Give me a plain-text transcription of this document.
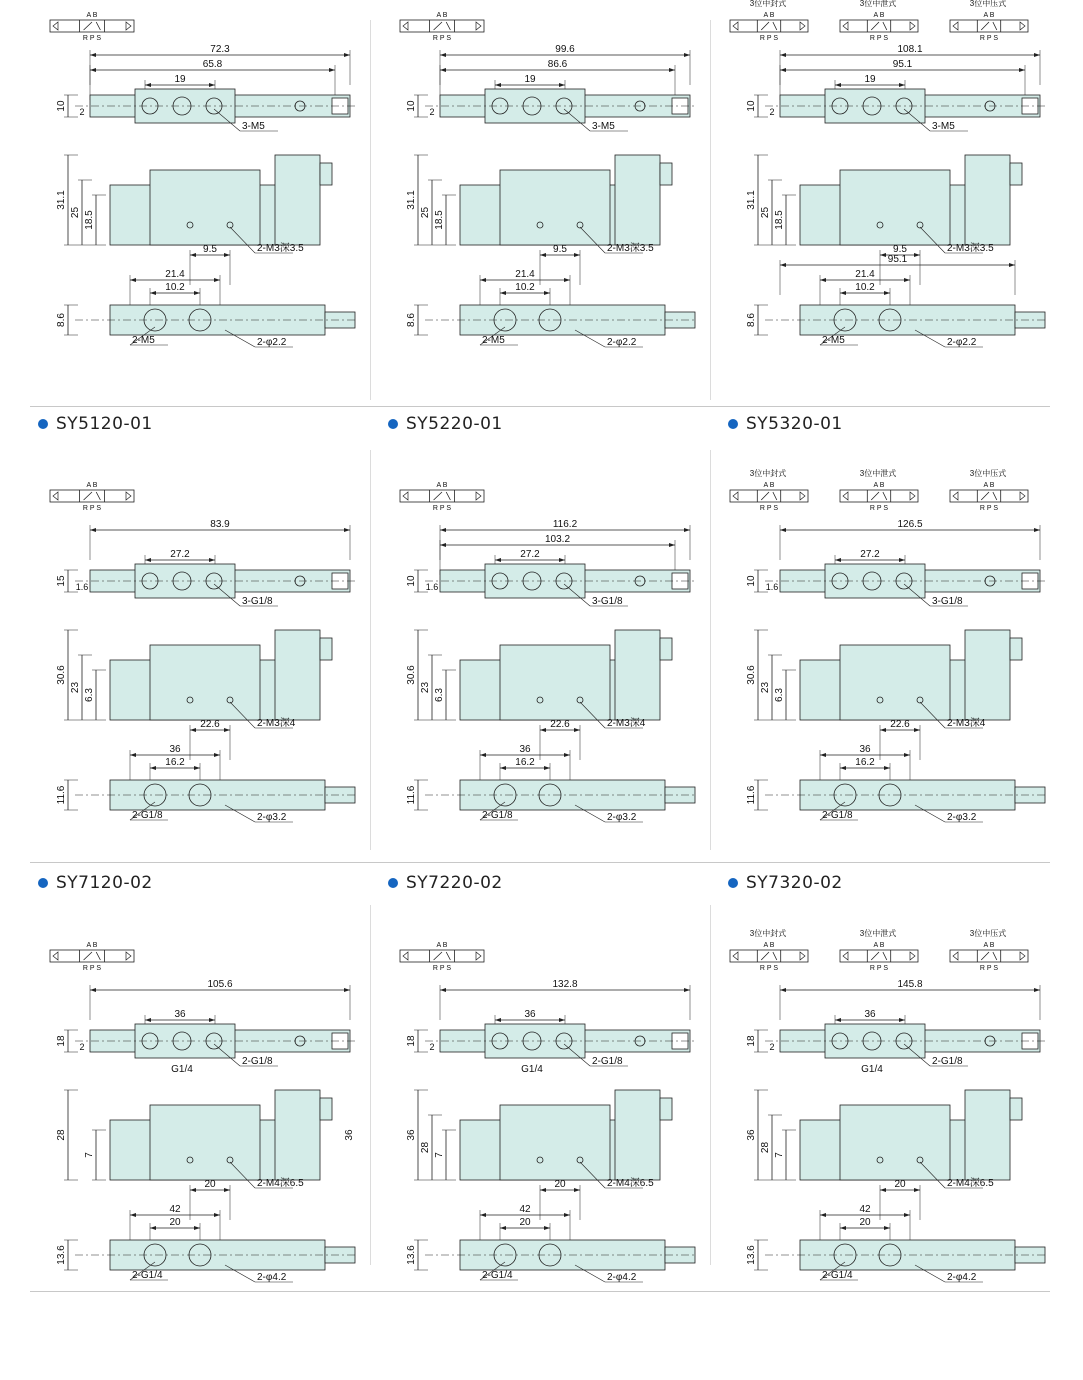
A B
R P S
72.3
65.8
19
10
2
3-M5
31.1
25 18.5
9.5	2-M3深3.5
21.4
10.2
8.6
2-M5	2-φ2.2
A B
R P S
99.6
86.6
19
10
2
3-M5
31.1
25 18.5
9.5	2-M3深3.5
21.4
10.2
8.6
2-M5	2-φ2.2
3位中封式
A B
R P S
3位中泄式
A B
R P S
3位中压式
A B
R P S
108.1
95.1
19
10
2
3-M5
31.1
25 18.5
9.5	2-M3深3.5
95.1
21.4
10.2
8.6
2-M5	2-φ2.2
A B
R P S
83.9
27.2
15
1.6
3-G1/8
30.6
23
6.3
22.6	2-M3深4
36
16.2
11.6
2-G1/8	2-φ3.2
A B
R P S
116.2
103.2
27.2
10
1.6
3-G1/8
30.6
23
6.3
22.6	2-M3深4
36
16.2
11.6
2-G1/8	2-φ3.2
3位中封式
A B
R P S
3位中泄式
A B
R P S
3位中压式
A B
R P S
126.5
27.2
10
1.6
3-G1/8
30.6
23
6.3
22.6	2-M3深4
36
16.2
11.6
2-G1/8	2-φ3.2
A B
R P S
105.6
36
18
2
2-G1/8
G1/4
28
7
36
20	2-M4深6.5
42
20
13.6
2-G1/4	2-φ4.2
A B
R P S
132.8
36
18
2
2-G1/8
G1/4
36
28
7
20	2-M4深6.5
42
20
13.6
2-G1/4	2-φ4.2
3位中封式
A B
R P S
3位中泄式
A B
R P S
3位中压式
A B
R P S
145.8
36
18
2
2-G1/8
G1/4
36
28
7
20	2-M4深6.5
42
20
13.6
2-G1/4	2-φ4.2
SY5120-01	SY5220-01	SY5320-01
SY7120-02	SY7220-02	SY7320-02
